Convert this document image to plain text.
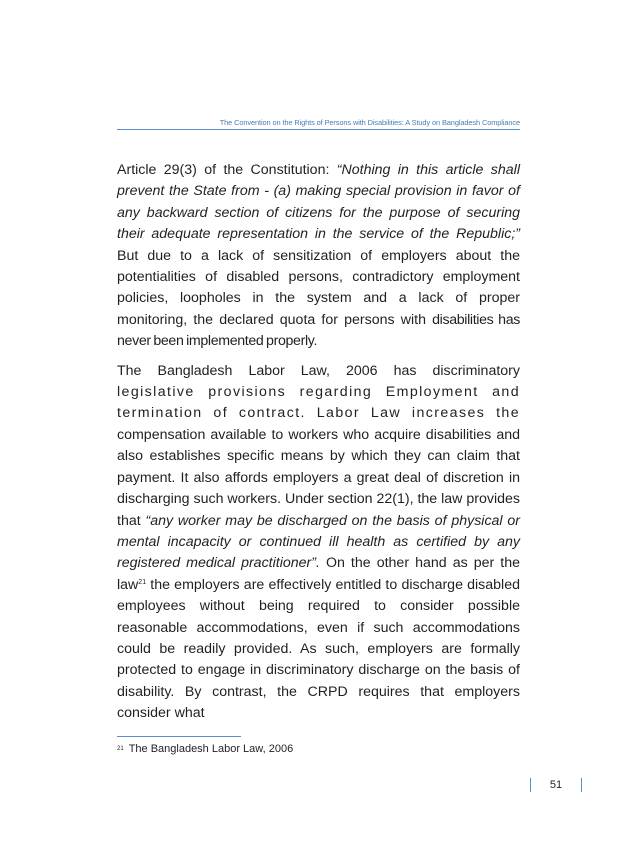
The Convention on the Rights of Persons with Disabilities: A Study on Bangladesh Compliance

Article 29(3) of the Constitution: “Nothing in this article shall prevent the State from - (a) making special provision in favor of any backward section of citizens for the purpose of securing their adequate representation in the service of the Republic;” But due to a lack of sensitization of employers about the potentialities of disabled persons, contradictory employment policies, loopholes in the system and a lack of proper monitoring, the declared quota for persons with disabilities has never been implemented properly.

The Bangladesh Labor Law, 2006 has discriminatory legislative provisions regarding Employment and termination of contract. Labor Law increases the compensation available to workers who acquire disabilities and also establishes specific means by which they can claim that payment. It also affords employers a great deal of discretion in discharging such workers. Under section 22(1), the law provides that “any worker may be discharged on the basis of physical or mental incapacity or continued ill health as certified by any registered medical practitioner”. On the other hand as per the law$^{21}$ the employers are effectively entitled to discharge disabled employees without being required to consider possible reasonable accommodations, even if such accommodations could be readily provided. As such, employers are formally protected to engage in discriminatory discharge on the basis of disability. By contrast, the CRPD requires that employers consider what

$^{21}$ The Bangladesh Labor Law, 2006
51
